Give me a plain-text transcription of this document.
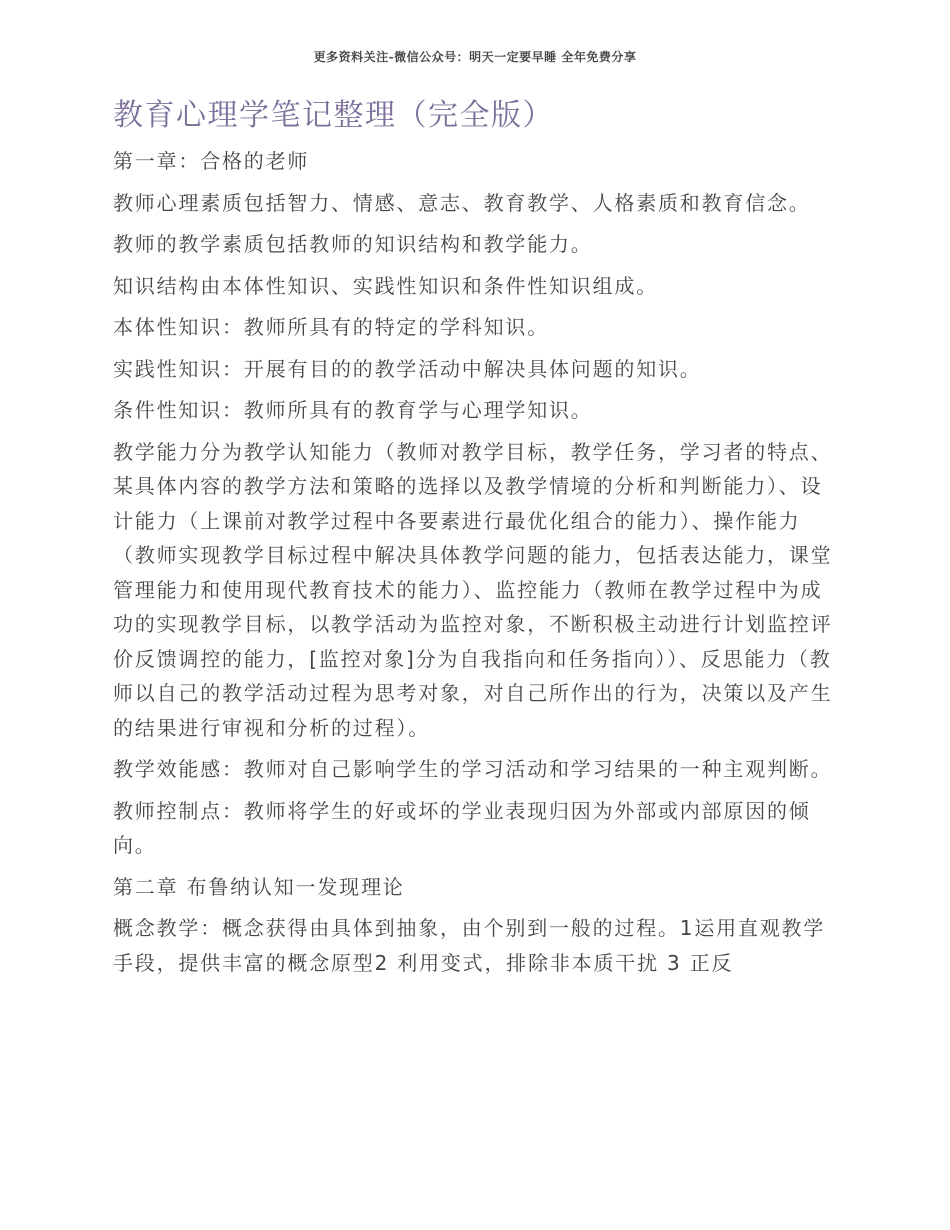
更多资料关注-微信公众号：明天一定要早睡 全年免费分享
教育心理学笔记整理（完全版）

第一章：合格的老师

教师心理素质包括智力、情感、意志、教育教学、人格素质和教育信念。

教师的教学素质包括教师的知识结构和教学能力。

知识结构由本体性知识、实践性知识和条件性知识组成。

本体性知识：教师所具有的特定的学科知识。

实践性知识：开展有目的的教学活动中解决具体问题的知识。

条件性知识：教师所具有的教育学与心理学知识。

教学能力分为教学认知能力（教师对教学目标，教学任务，学习者的特点、某具体内容的教学方法和策略的选择以及教学情境的分析和判断能力）、设计能力（上课前对教学过程中各要素进行最优化组合的能力）、操作能力（教师实现教学目标过程中解决具体教学问题的能力，包括表达能力，课堂管理能力和使用现代教育技术的能力）、监控能力（教师在教学过程中为成功的实现教学目标，以教学活动为监控对象，不断积极主动进行计划监控评价反馈调控的能力，[监控对象]分为自我指向和任务指向））、反思能力（教师以自己的教学活动过程为思考对象，对自己所作出的行为，决策以及产生的结果进行审视和分析的过程）。

教学效能感：教师对自己影响学生的学习活动和学习结果的一种主观判断。

教师控制点：教师将学生的好或坏的学业表现归因为外部或内部原因的倾向。

第二章 布鲁纳认知一发现理论

概念教学：概念获得由具体到抽象，由个别到一般的过程。1运用直观教学手段，提供丰富的概念原型2 利用变式，排除非本质干扰 3 正反
